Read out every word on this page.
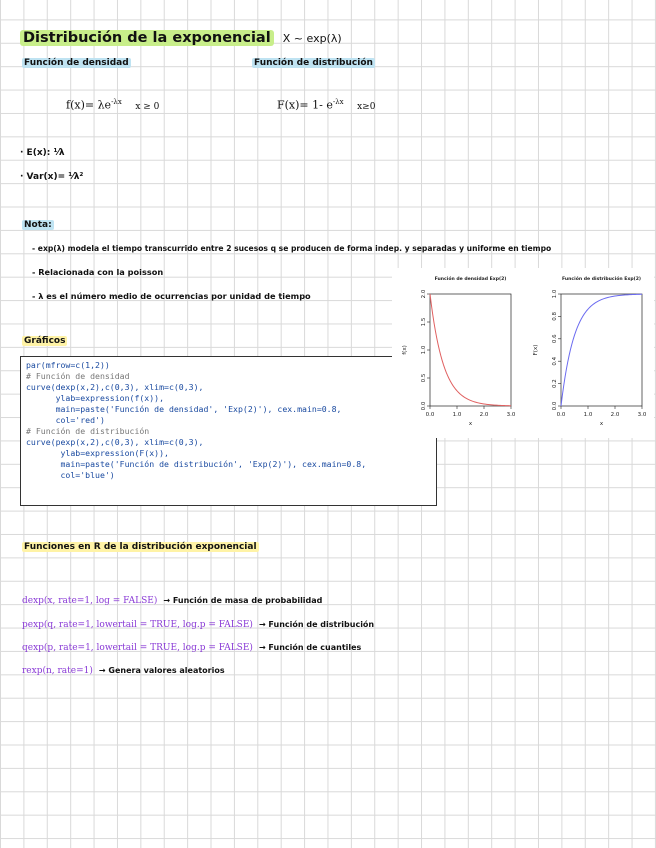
Distribución de la exponencial X ~ exp(λ)
Función de densidad	Función de distribución
$f(x)= \lambda e^{-\lambda x}$ x ≥ 0	F(x)= 1- $e^{-\lambda x}$ x≥0
· E(x): ¹⁄λ
· Var(x)= ¹⁄λ²
Nota:
- exp(λ) modela el tiempo transcurrido entre 2 sucesos q se producen de forma indep. y separadas y uniforme en tiempo
- Relacionada con la poisson
- λ es el número medio de ocurrencias por unidad de tiempo
Gráficos
par(mfrow=c(1,2))
# Función de densidad
curve(dexp(x,2),c(0,3), xlim=c(0,3),
ylab=expression(f(x)),
main=paste('Función de densidad', 'Exp(2)'), cex.main=0.8,
col='red')
# Función de distribución
curve(pexp(x,2),c(0,3), xlim=c(0,3),
ylab=expression(F(x)),
main=paste('Función de distribución', 'Exp(2)'), cex.main=0.8,
col='blue')
Función de densidad Exp(2)
0.0	1.0	2.0	3.0
0.0
0.5
1.0
1.5
2.0
x
f(x)
Función de distribución Exp(2)
0.0	1.0	2.0	3.0
0.0
0.2
0.4
0.6
0.8
1.0
x
F(x)
Funciones en R de la distribución exponencial
dexp(x, rate=1, log = FALSE) → Función de masa de probabilidad
pexp(q, rate=1, lowertail = TRUE, log.p = FALSE) → Función de distribución
qexp(p, rate=1, lowertail = TRUE, log.p = FALSE) → Función de cuantiles
rexp(n, rate=1) → Genera valores aleatorios
